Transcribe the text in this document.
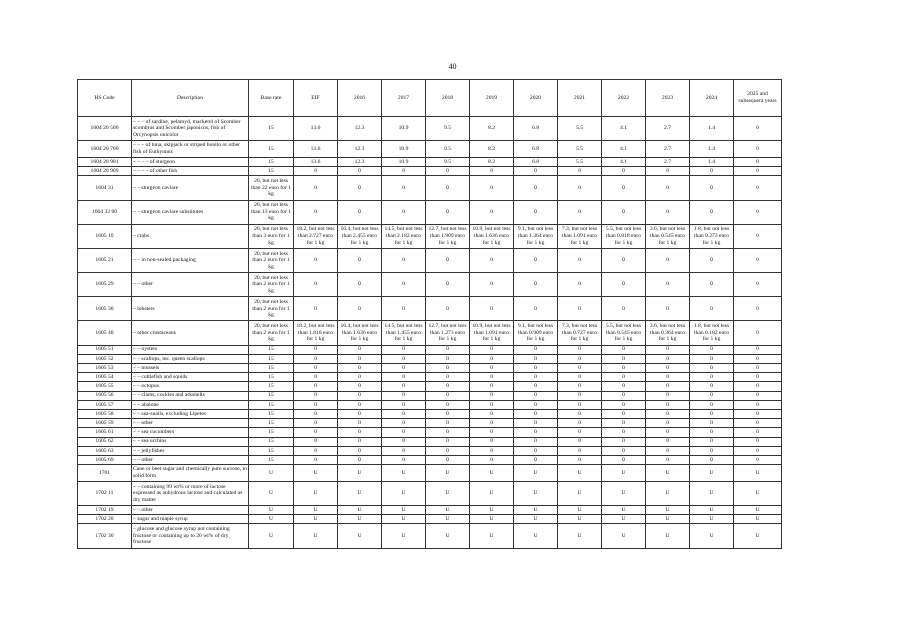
40
HS Code	Description	Base rate	EIF	2016	2017	2018	2019	2020	2021	2022	2023	2024	2025 and subsequent years
1604 20 500	– – – of sardine, pelamyd, mackerel of Scomber scombrus and Scomber japonicus, fish of Orcynopsis unicolor	15	13.6	12.3	10.9	9.5	8.2	6.8	5.5	4.1	2.7	1.4	0
1604 20 700	– – – of tuna, skipjack or striped bonito or other fish of Euthynnus	15	13.6	12.3	10.9	9.5	8.2	6.8	5.5	4.1	2.7	1.4	0
1604 20 901	– – – – of sturgeon	15	13.6	12.3	10.9	9.5	8.2	6.8	5.5	4.1	2.7	1.4	0
1604 20 909	– – – – of other fish	15	0	0	0	0	0	0	0	0	0	0	0
1604 31	– – sturgeon caviare	20, but not less than 22 euro for 1 kg	0	0	0	0	0	0	0	0	0	0	0
1604 32 00	– – sturgeon caviare substitutes	20, but not less than 13 euro for 1 kg	0	0	0	0	0	0	0	0	0	0	0
1605 10	– crabs	20, but not less than 3 euro for 1 kg	18.2, but not less than 2.727 euro for 1 kg	16.4, but not less than 2.455 euro for 1 kg	14.5, but not less than 2.182 euro for 1 kg	12.7, but not less than 1.909 euro for 1 kg	10.9, but not less than 1.636 euro for 1 kg	9.1, but not less than 1.364 euro for 1 kg	7.3, but not less than 1.091 euro for 1 kg	5.5, but not less than 0.818 euro for 1 kg	3.6, but not less than 0.545 euro for 1 kg	1.8, but not less than 0.273 euro for 1 kg	0
1605 21	– – in non-sealed packaging	20, but not less than 2 euro for 1 kg	0	0	0	0	0	0	0	0	0	0	0
1605 29	– – other	20, but not less than 2 euro for 1 kg	0	0	0	0	0	0	0	0	0	0	0
1605 30	– lobsters	20, but not less than 2 euro for 1 kg	0	0	0	0	0	0	0	0	0	0	0
1605 40	– other crustaceans	20, but not less than 2 euro for 1 kg	18.2, but not less than 1.818 euro for 1 kg	16.4, but not less than 1.636 euro for 1 kg	14.5, but not less than 1.455 euro for 1 kg	12.7, but not less than 1.273 euro for 1 kg	10.9, but not less than 1.091 euro for 1 kg	9.1, but not less than 0.909 euro for 1 kg	7.3, but not less than 0.727 euro for 1 kg	5.5, but not less than 0.545 euro for 1 kg	3.6, but not less than 0.364 euro for 1 kg	1.8, but not less than 0.182 euro for 1 kg	0
1605 51	– – oysters	15	0	0	0	0	0	0	0	0	0	0	0
1605 52	– – scallops, inc. queen scallops	15	0	0	0	0	0	0	0	0	0	0	0
1605 53	– – mussels	15	0	0	0	0	0	0	0	0	0	0	0
1605 54	– – cuttlefish and squids	15	0	0	0	0	0	0	0	0	0	0	0
1605 55	– – octopus	15	0	0	0	0	0	0	0	0	0	0	0
1605 56	– – clams, cockles and arkshells	15	0	0	0	0	0	0	0	0	0	0	0
1605 57	– – abalone	15	0	0	0	0	0	0	0	0	0	0	0
1605 58	– – sea-snails, excluding Lipetes	15	0	0	0	0	0	0	0	0	0	0	0
1605 59	– – other	15	0	0	0	0	0	0	0	0	0	0	0
1605 61	– – sea cucumbers	15	0	0	0	0	0	0	0	0	0	0	0
1605 62	– – sea urchins	15	0	0	0	0	0	0	0	0	0	0	0
1605 63	– – jellyfishes	15	0	0	0	0	0	0	0	0	0	0	0
1605 69	– – other	15	0	0	0	0	0	0	0	0	0	0	0
1701	Cane or beet sugar and chemically pure sucrose, in solid form	U	U	U	U	U	U	U	U	U	U	U	U
1702 11	– – containing 99 wt% or more of lactose expressed as anhydrous lactose and calculated as dry matter	U	U	U	U	U	U	U	U	U	U	U	U
1702 19	– – other	U	U	U	U	U	U	U	U	U	U	U	U
1702 20	– sugar and maple syrup	U	U	U	U	U	U	U	U	U	U	U	U
1702 30	– glucose and glucose syrup not containing fructose or containing up to 20 wt% of dry fructose	U	U	U	U	U	U	U	U	U	U	U	U
